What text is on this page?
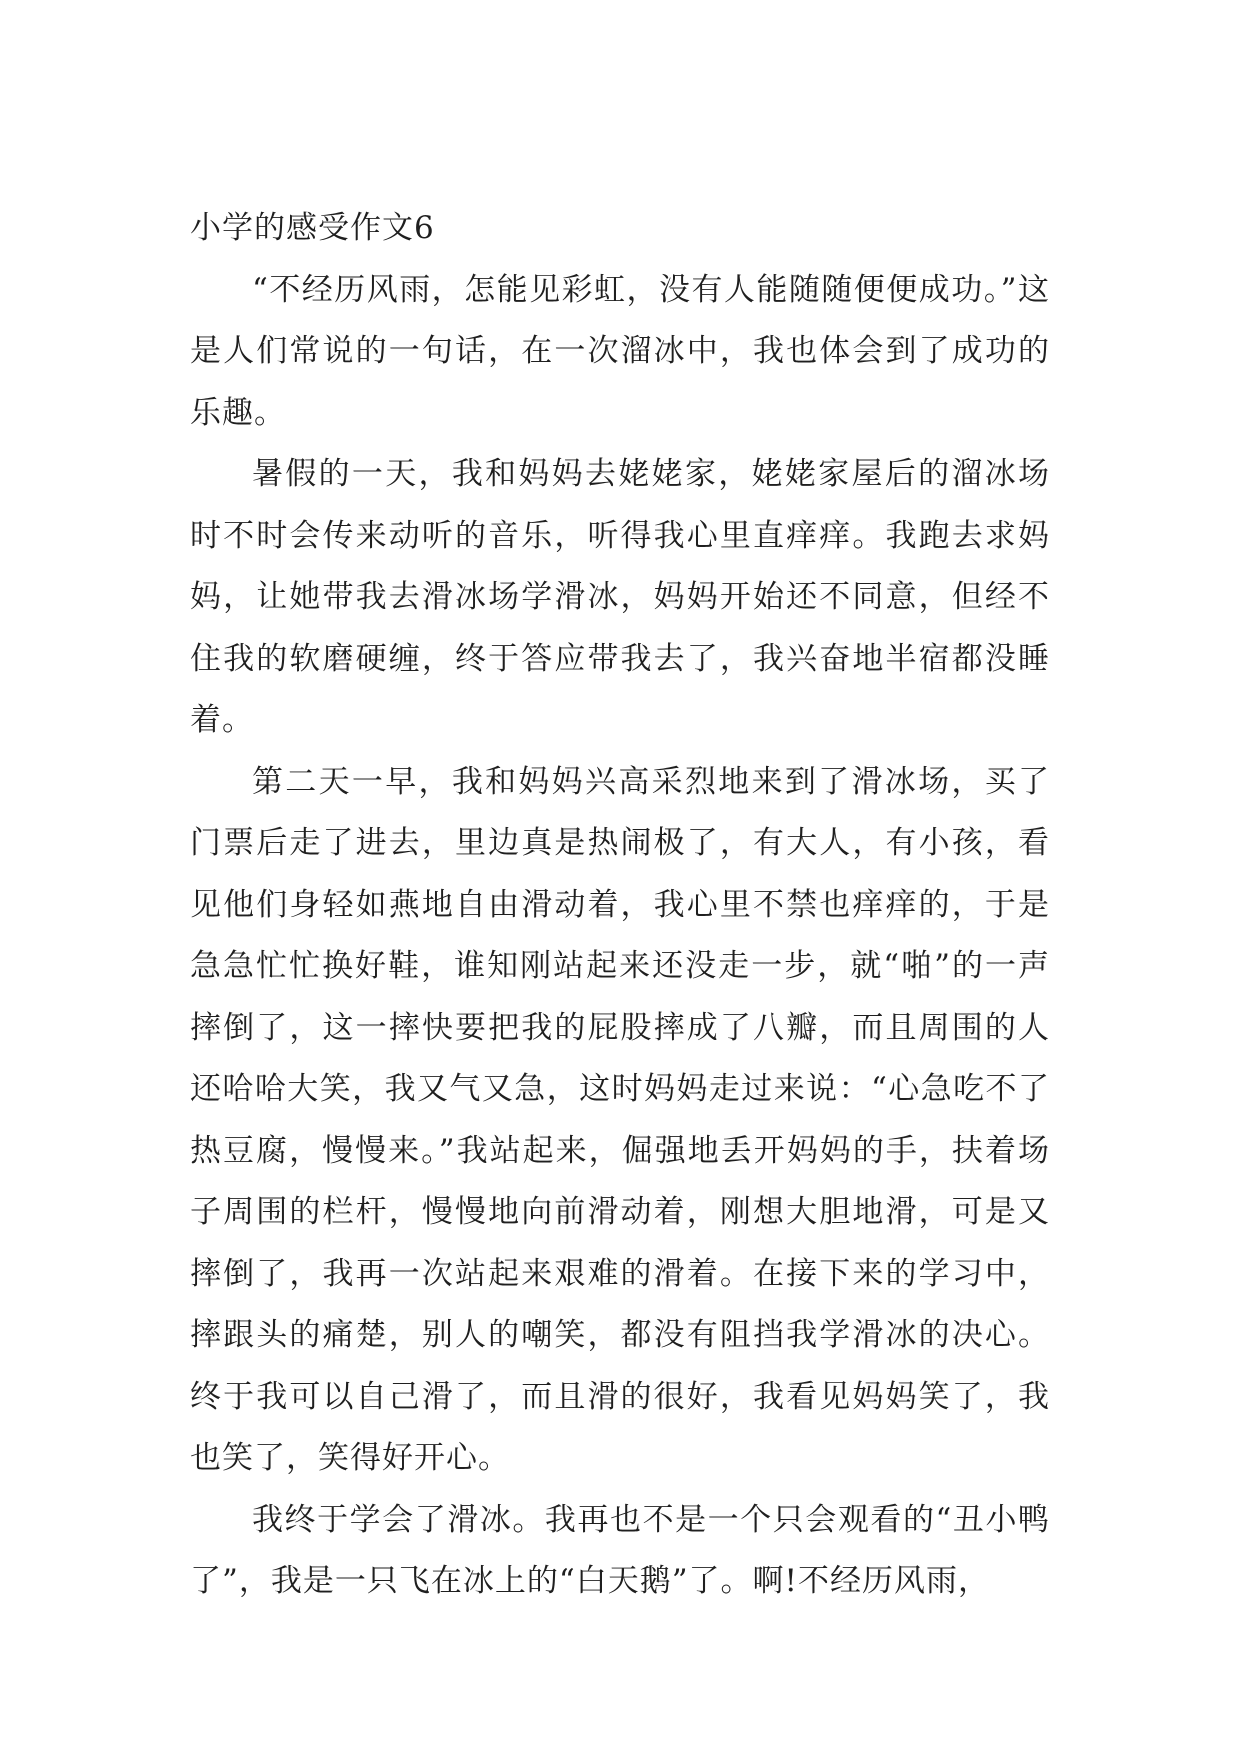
小学的感受作文6

“不经历风雨，怎能见彩虹，没有人能随随便便成功。”这是人们常说的一句话，在一次溜冰中，我也体会到了成功的乐趣。

暑假的一天，我和妈妈去姥姥家，姥姥家屋后的溜冰场时不时会传来动听的音乐，听得我心里直痒痒。我跑去求妈妈，让她带我去滑冰场学滑冰，妈妈开始还不同意，但经不住我的软磨硬缠，终于答应带我去了，我兴奋地半宿都没睡着。

第二天一早，我和妈妈兴高采烈地来到了滑冰场，买了门票后走了进去，里边真是热闹极了，有大人，有小孩，看见他们身轻如燕地自由滑动着，我心里不禁也痒痒的，于是急急忙忙换好鞋，谁知刚站起来还没走一步，就“啪”的一声摔倒了，这一摔快要把我的屁股摔成了八瓣，而且周围的人还哈哈大笑，我又气又急，这时妈妈走过来说：“心急吃不了热豆腐，慢慢来。”我站起来，倔强地丢开妈妈的手，扶着场子周围的栏杆，慢慢地向前滑动着，刚想大胆地滑，可是又摔倒了，我再一次站起来艰难的滑着。在接下来的学习中，摔跟头的痛楚，别人的嘲笑，都没有阻挡我学滑冰的决心。终于我可以自己滑了，而且滑的很好，我看见妈妈笑了，我也笑了，笑得好开心。

我终于学会了滑冰。我再也不是一个只会观看的“丑小鸭了”，我是一只飞在冰上的“白天鹅”了。啊!不经历风雨，
